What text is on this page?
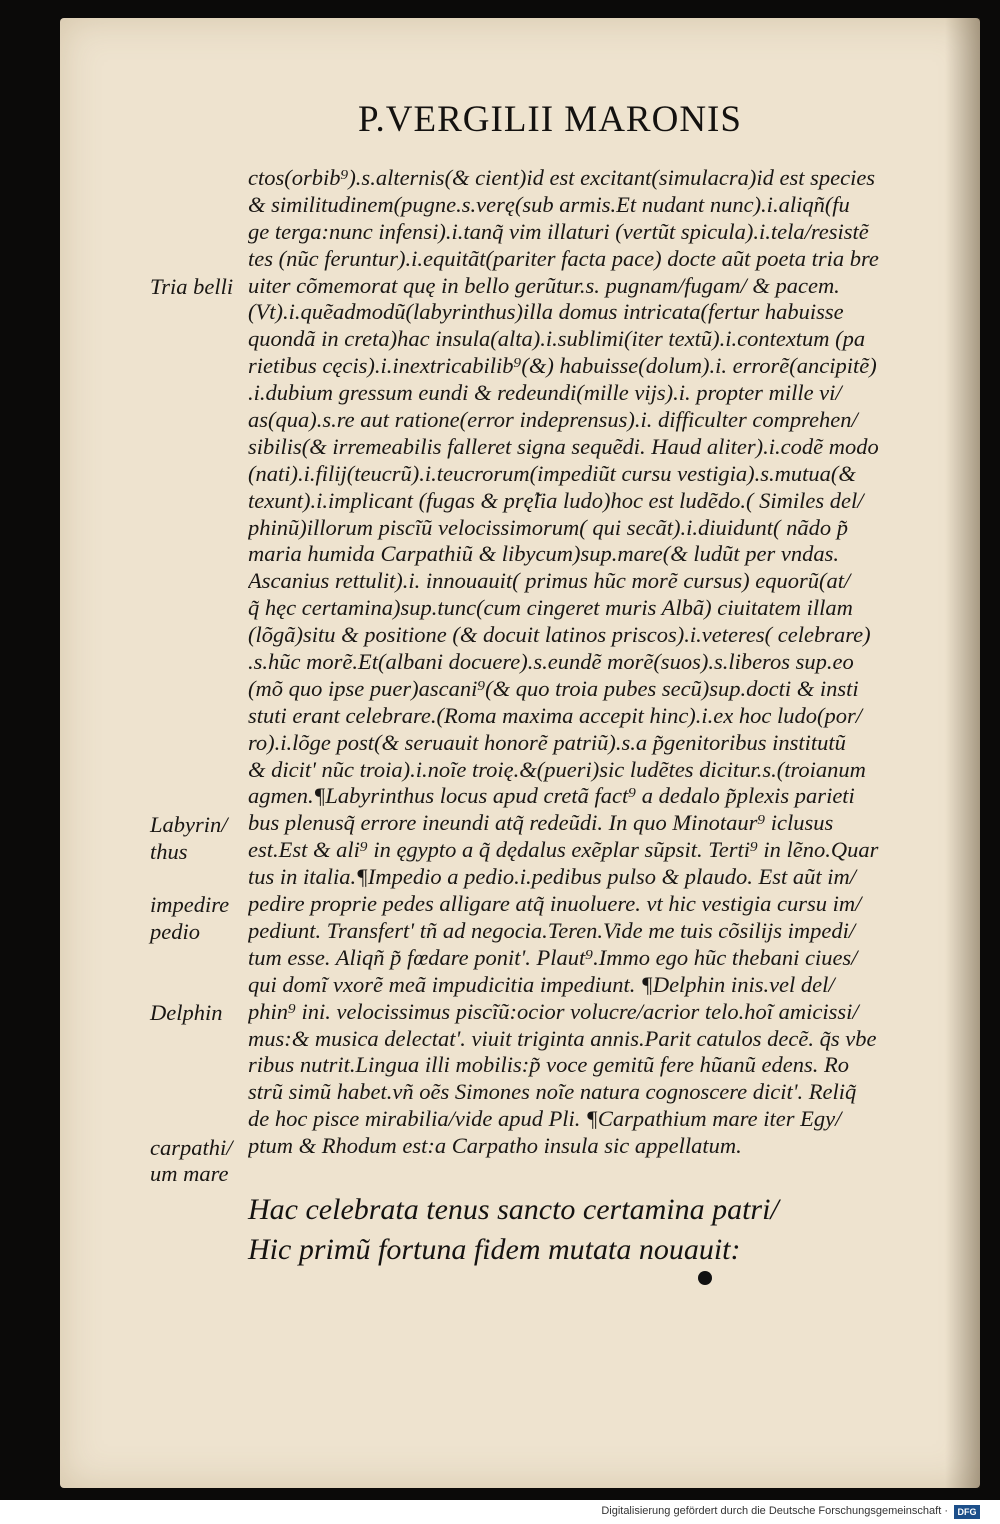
P.VERGILII MARONIS
ctos(orbib⁹).s.alternis(& cient)id est excitant(simulacra)id est species
& similitudinem(pugne.s.verę(sub armis.Et nudant nunc).i.aliqñ(fu
ge terga:nunc infensi).i.tanq̃ vim illaturi (vertũt spicula).i.tela/resistẽ
tes (nũc feruntur).i.equitãt(pariter facta pace) docte aũt poeta tria bre
uiter cõmemorat quę in bello gerũtur.s. pugnam/fugam/ & pacem.
(Vt).i.quẽadmodũ(labyrinthus)illa domus intricata(fertur habuisse
quondã in creta)hac insula(alta).i.sublimi(iter textũ).i.contextum (pa
rietibus cęcis).i.inextricabilib⁹(&) habuisse(dolum).i. errorẽ(ancipitẽ)
.i.dubium gressum eundi & redeundi(mille vijs).i. propter mille vi/
as(qua).s.re aut ratione(error indeprensus).i. difficulter comprehen/
sibilis(& irremeabilis falleret signa sequẽdi. Haud aliter).i.codẽ modo
(nati).i.filij(teucrũ).i.teucrorum(impediũt cursu vestigia).s.mutua(&
texunt).i.implicant (fugas & prę̃lia ludo)hoc est ludẽdo.( Similes del/
phinũ)illorum piscĩũ velocissimorum( qui secãt).i.diuidunt( nãdo p̃
maria humida Carpathiũ & libycum)sup.mare(& ludũt per vndas.
Ascanius rettulit).i. innouauit( primus hũc morẽ cursus) equorũ(at/
q̃ hęc certamina)sup.tunc(cum cingeret muris Albã) ciuitatem illam
(lõgã)situ & positione (& docuit latinos priscos).i.veteres( celebrare)
.s.hũc morẽ.Et(albani docuere).s.eundẽ morẽ(suos).s.liberos sup.eo
(mõ quo ipse puer)ascani⁹(& quo troia pubes secũ)sup.docti & insti
stuti erant celebrare.(Roma maxima accepit hinc).i.ex hoc ludo(por/
ro).i.lõge post(& seruauit honorẽ patriũ).s.a p̃genitoribus institutũ
& dicit' nũc troia).i.noĩe troię.&(pueri)sic ludẽtes dicitur.s.(troianum
agmen.¶Labyrinthus locus apud cretã fact⁹ a dedalo p̃plexis parieti
bus plenusq̃ errore ineundi atq̃ redeũdi. In quo Minotaur⁹ iclusus
est.Est & ali⁹ in ęgypto a q̃ dędalus exẽplar sũpsit. Terti⁹ in lẽno.Quar
tus in italia.¶Impedio a pedio.i.pedibus pulso & plaudo. Est aũt im/
pedire proprie pedes alligare atq̃ inuoluere. vt hic vestigia cursu im/
pediunt. Transfert' tñ ad negocia.Teren.Vide me tuis cõsilijs impedi/
tum esse. Aliqñ p̃ fœdare ponit'. Plaut⁹.Immo ego hũc thebani ciues/
qui domĩ vxorẽ meã impudicitia impediunt. ¶Delphin inis.vel del/
phin⁹ ini. velocissimus piscĩũ:ocior volucre/acrior telo.hoĩ amicissi/
mus:& musica delectat'. viuit triginta annis.Parit catulos decẽ. q̃s vbe
ribus nutrit.Lingua illi mobilis:p̃ voce gemitũ fere hũanũ edens. Ro
strũ simũ habet.vñ oẽs Simones noĩe natura cognoscere dicit'. Reliq̃
de hoc pisce mirabilia/vide apud Pli. ¶Carpathium mare iter Egy/
ptum & Rhodum est:a Carpatho insula sic appellatum.
Tria belli
Labyrin/
thus
impedire
pedio
Delphin
carpathi/
um mare
Hac celebrata tenus sancto certamina patri/
Hic primũ fortuna fidem mutata nouauit:
Digitalisierung gefördert durch die Deutsche Forschungsgemeinschaft ·	DFG
